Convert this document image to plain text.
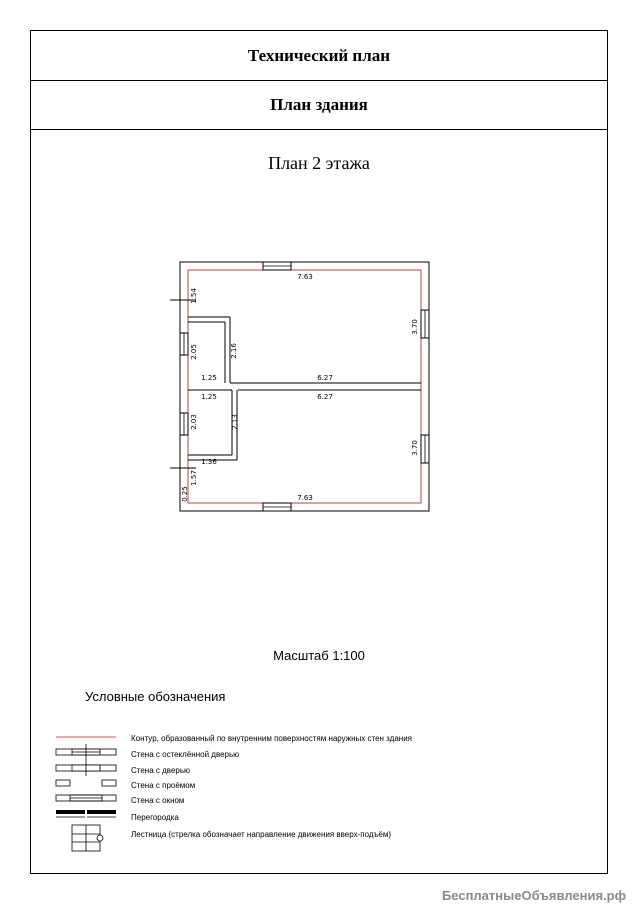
Технический план
План здания
План 2 этажа
Масштаб 1:100
Условные обозначения
Контур, образованный по внутренним поверхностям наружных стен здания
Стена с остеклённой дверью
Стена с дверью
Стена с проёмом
Стена с окном
Перегородка
Лестница (стрелка обозначает направление движения вверх-подъём)
7.63
7.63
3.70
3.70
1.54
2.05	2.16
1.25	6.27
1.25	6.27
2.03	2.13
1.36
1.57
0.25
БесплатныеОбъявления.рф
